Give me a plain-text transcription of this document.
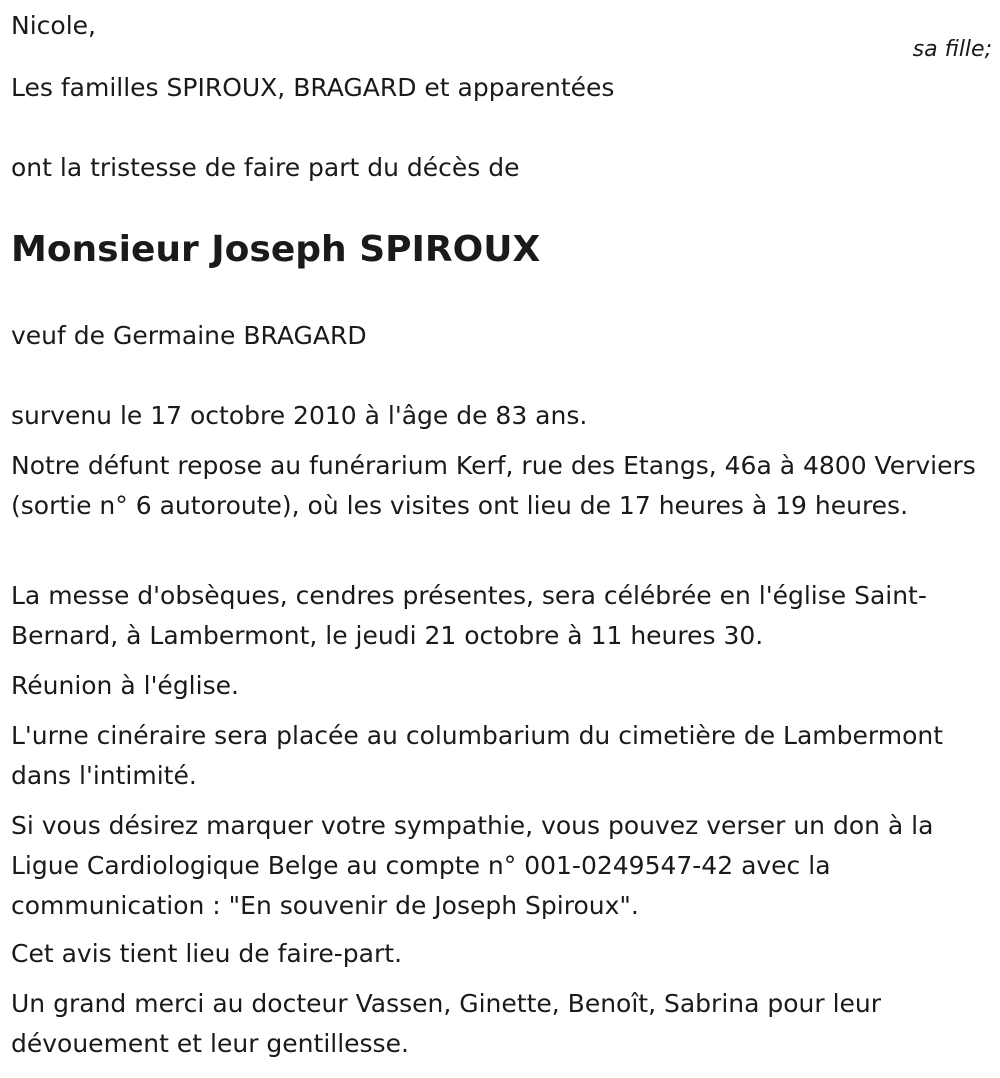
Nicole,

sa fille;

Les familles SPIROUX, BRAGARD et apparentées

ont la tristesse de faire part du décès de

Monsieur Joseph SPIROUX

veuf de Germaine BRAGARD

survenu le 17 octobre 2010 à l'âge de 83 ans.

Notre défunt repose au funérarium Kerf, rue des Etangs, 46a à 4800 Verviers (sortie n° 6 autoroute), où les visites ont lieu de 17 heures à 19 heures.

La messe d'obsèques, cendres présentes, sera célébrée en l'église Saint-Bernard, à Lambermont, le jeudi 21 octobre à 11 heures 30.

Réunion à l'église.

L'urne cinéraire sera placée au columbarium du cimetière de Lambermont dans l'intimité.

Si vous désirez marquer votre sympathie, vous pouvez verser un don à la Ligue Cardiologique Belge au compte n° 001-0249547-42 avec la communication : "En souvenir de Joseph Spiroux".

Cet avis tient lieu de faire-part.

Un grand merci au docteur Vassen, Ginette, Benoît, Sabrina pour leur dévouement et leur gentillesse.
